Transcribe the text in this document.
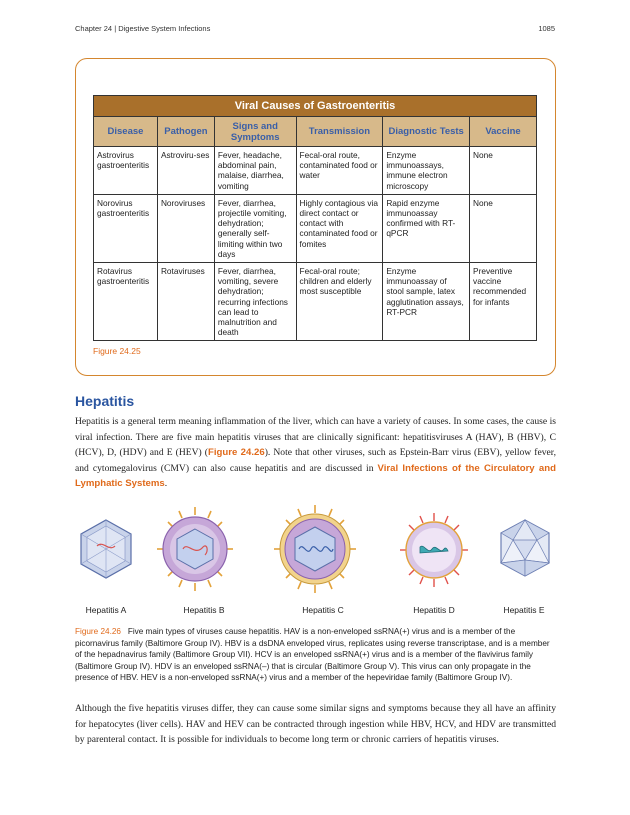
Chapter 24 | Digestive System Infections	1085
Viral Causes of Gastroenteritis					
Disease	Pathogen	Signs and Symptoms	Transmission	Diagnostic Tests	Vaccine
Astrovirus gastroenteritis	Astroviru-ses	Fever, headache, abdominal pain, malaise, diarrhea, vomiting	Fecal-oral route, contaminated food or water	Enzyme immunoassays, immune electron microscopy	None
Norovirus gastroenteritis	Noroviruses	Fever, diarrhea, projectile vomiting, dehydration; generally self-limiting within two days	Highly contagious via direct contact or contact with contaminated food or fomites	Rapid enzyme immunoassay confirmed with RT-qPCR	None
Rotavirus gastroenteritis	Rotaviruses	Fever, diarrhea, vomiting, severe dehydration; recurring infections can lead to malnutrition and death	Fecal-oral route; children and elderly most susceptible	Enzyme immunoassay of stool sample, latex agglutination assays, RT-PCR	Preventive vaccine recommended for infants
Figure 24.25
Hepatitis

Hepatitis is a general term meaning inflammation of the liver, which can have a variety of causes. In some cases, the cause is viral infection. There are five main hepatitis viruses that are clinically significant: hepatitisviruses A (HAV), B (HBV), C (HCV), D, (HDV) and E (HEV) (Figure 24.26). Note that other viruses, such as Epstein-Barr virus (EBV), yellow fever, and cytomegalovirus (CMV) can also cause hepatitis and are discussed in Viral Infections of the Circulatory and Lymphatic Systems.

Hepatitis A	Hepatitis B	Hepatitis C	Hepatitis D	Hepatitis E
Figure 24.26 Five main types of viruses cause hepatitis. HAV is a non-enveloped ssRNA(+) virus and is a member of the picornavirus family (Baltimore Group IV). HBV is a dsDNA enveloped virus, replicates using reverse transcriptase, and is a member of the hepadnavirus family (Baltimore Group VII). HCV is an enveloped ssRNA(+) virus and is a member of the flavivirus family (Baltimore Group IV). HDV is an enveloped ssRNA(–) that is circular (Baltimore Group V). This virus can only propagate in the presence of HBV. HEV is a non-enveloped ssRNA(+) virus and a member of the hepeviridae family (Baltimore Group IV).

Although the five hepatitis viruses differ, they can cause some similar signs and symptoms because they all have an affinity for hepatocytes (liver cells). HAV and HEV can be contracted through ingestion while HBV, HCV, and HDV are transmitted by parenteral contact. It is possible for individuals to become long term or chronic carriers of hepatitis viruses.
